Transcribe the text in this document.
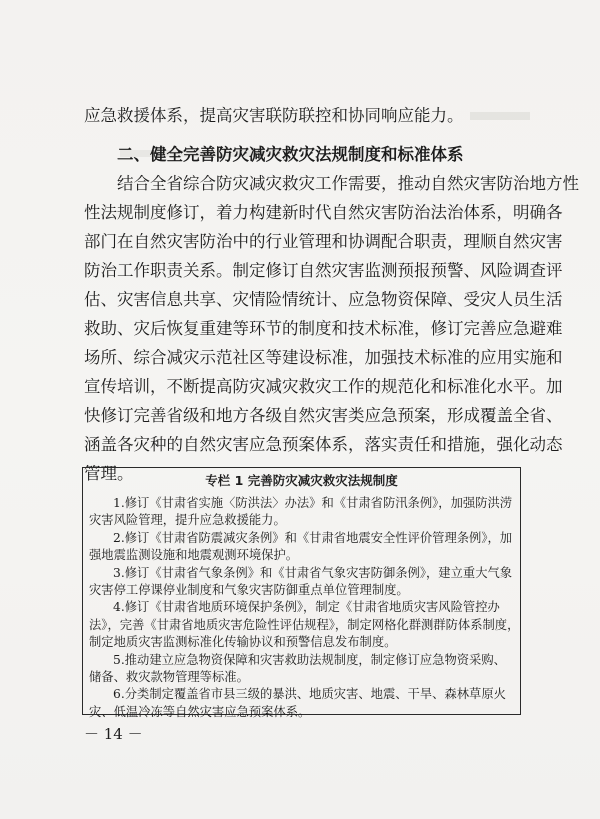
应急救援体系，提高灾害联防联控和协同响应能力。
二、健全完善防灾减灾救灾法规制度和标准体系
结合全省综合防灾减灾救灾工作需要，推动自然灾害防治地方性
性法规制度修订，着力构建新时代自然灾害防治法治体系，明确各
部门在自然灾害防治中的行业管理和协调配合职责，理顺自然灾害
防治工作职责关系。制定修订自然灾害监测预报预警、风险调查评
估、灾害信息共享、灾情险情统计、应急物资保障、受灾人员生活
救助、灾后恢复重建等环节的制度和技术标准，修订完善应急避难
场所、综合减灾示范社区等建设标准，加强技术标准的应用实施和
宣传培训，不断提高防灾减灾救灾工作的规范化和标准化水平。加
快修订完善省级和地方各级自然灾害类应急预案，形成覆盖全省、
涵盖各灾种的自然灾害应急预案体系，落实责任和措施，强化动态
管理。	专栏 1 完善防灾减灾救灾法规制度
1.修订《甘肃省实施〈防洪法〉办法》和《甘肃省防汛条例》，加强防洪涝
灾害风险管理，提升应急救援能力。
2.修订《甘肃省防震减灾条例》和《甘肃省地震安全性评价管理条例》，加
强地震监测设施和地震观测环境保护。
3.修订《甘肃省气象条例》和《甘肃省气象灾害防御条例》，建立重大气象
灾害停工停课停业制度和气象灾害防御重点单位管理制度。
4.修订《甘肃省地质环境保护条例》，制定《甘肃省地质灾害风险管控办
法》，完善《甘肃省地质灾害危险性评估规程》，制定网格化群测群防体系制度，
制定地质灾害监测标准化传输协议和预警信息发布制度。
5.推动建立应急物资保障和灾害救助法规制度，制定修订应急物资采购、
储备、救灾款物管理等标准。
6.分类制定覆盖省市县三级的暴洪、地质灾害、地震、干旱、森林草原火
灾、低温冷冻等自然灾害应急预案体系。
－ 14 －
